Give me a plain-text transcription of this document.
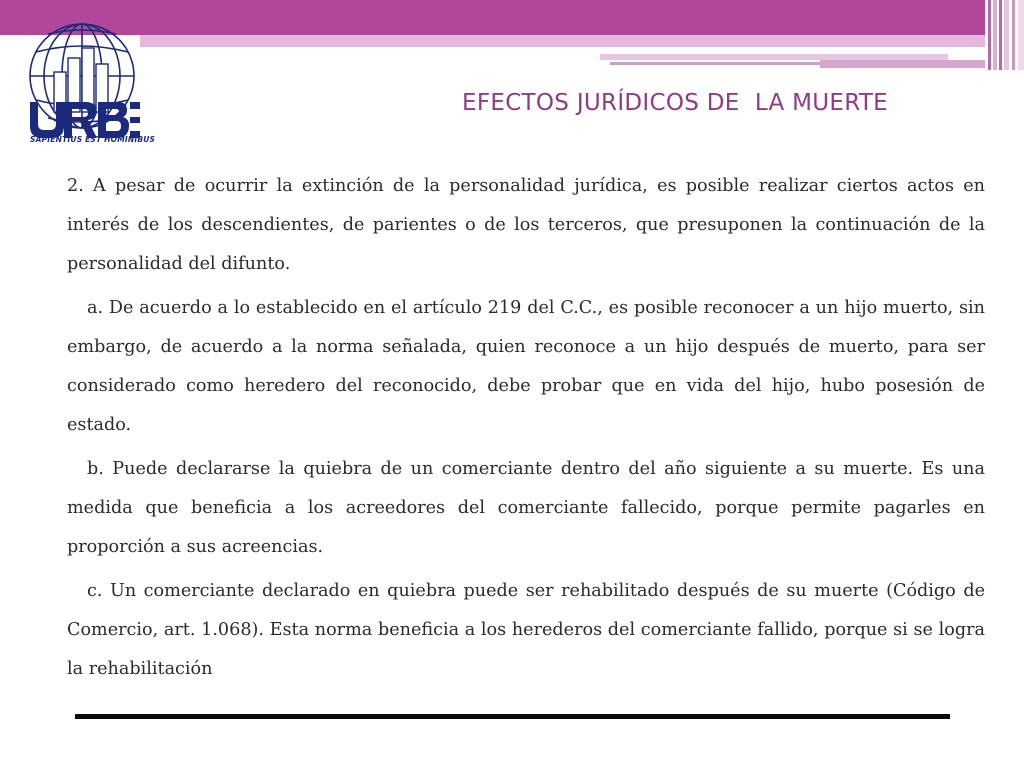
SAPIENTIUS EST HOMINIBUS
EFECTOS JURÍDICOS DE  LA MUERTE

2. A pesar de ocurrir la extinción de la personalidad jurídica, es posible realizar ciertos actos en interés de los descendientes, de parientes o de los terceros, que presuponen la continuación de la personalidad del difunto.

a. De acuerdo a lo establecido en el artículo 219 del C.C., es posible reconocer a un hijo muerto, sin embargo, de acuerdo a la norma señalada, quien reconoce a un hijo después de muerto, para ser considerado como heredero del reconocido, debe probar que en vida del hijo, hubo posesión de estado.

b. Puede declararse la quiebra de un comerciante dentro del año siguiente a su muerte. Es una medida que beneficia a los acreedores del comerciante fallecido, porque permite pagarles en proporción a sus acreencias.

c. Un comerciante declarado en quiebra puede ser rehabilitado después de su muerte (Código de Comercio, art. 1.068). Esta norma beneficia a los herederos del comerciante fallido, porque si se logra la rehabilitación
